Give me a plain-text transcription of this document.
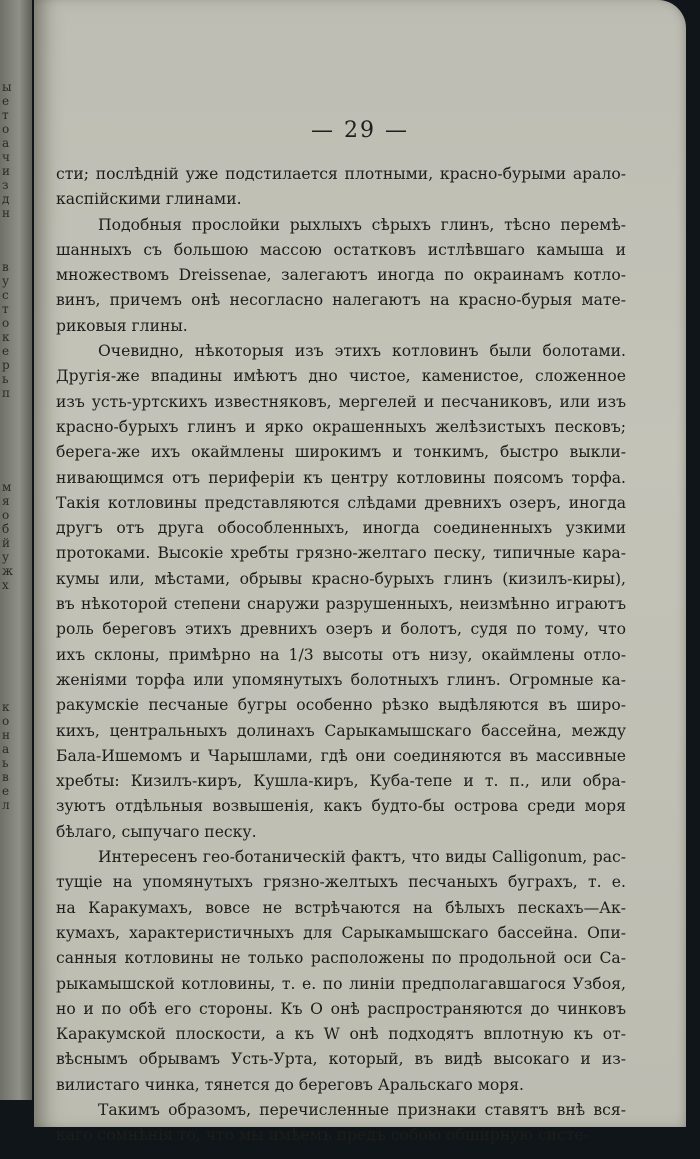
ы
е
т
о
а
ч
и
з
д
н
в
у
с
т
о
к
е
р
ь
п
м
я
о
б
й
у
ж
х
к
о
н
а
ь
в
е
л
— 29 —
сти; послѣдній уже подстилается плотными, красно-бурыми арало-
каспійскими глинами.
Подобныя прослойки рыхлыхъ сѣрыхъ глинъ, тѣсно перемѣ-
шанныхъ съ большою массою остатковъ истлѣвшаго камыша и
множествомъ Dreissenae, залегаютъ иногда по окраинамъ котло-
винъ, причемъ онѣ несогласно налегаютъ на красно-бурыя мате-
риковыя глины.
Очевидно, нѣкоторыя изъ этихъ котловинъ были болотами.
Другія-же впадины имѣютъ дно чистое, каменистое, сложенное
изъ усть-уртскихъ известняковъ, мергелей и песчаниковъ, или изъ
красно-бурыхъ глинъ и ярко окрашенныхъ желѣзистыхъ песковъ;
берега-же ихъ окаймлены широкимъ и тонкимъ, быстро выкли-
нивающимся отъ периферіи къ центру котловины поясомъ торфа.
Такія котловины представляются слѣдами древнихъ озеръ, иногда
другъ отъ друга обособленныхъ, иногда соединенныхъ узкими
протоками. Высокіе хребты грязно-желтаго песку, типичные кара-
кумы или, мѣстами, обрывы красно-бурыхъ глинъ (кизилъ-киры),
въ нѣкоторой степени снаружи разрушенныхъ, неизмѣнно играютъ
роль береговъ этихъ древнихъ озеръ и болотъ, судя по тому, что
ихъ склоны, примѣрно на 1/3 высоты отъ низу, окаймлены отло-
женіями торфа или упомянутыхъ болотныхъ глинъ. Огромные ка-
ракумскіе песчаные бугры особенно рѣзко выдѣляются въ широ-
кихъ, центральныхъ долинахъ Сарыкамышскаго бассейна, между
Бала-Ишемомъ и Чарышлами, гдѣ они соединяются въ массивные
хребты: Кизилъ-киръ, Кушла-киръ, Куба-тепе и т. п., или обра-
зуютъ отдѣльныя возвышенія, какъ будто-бы острова среди моря
бѣлаго, сыпучаго песку.
Интересенъ гео-ботаническій фактъ, что виды Calligonum, рас-
тущіе на упомянутыхъ грязно-желтыхъ песчаныхъ буграхъ, т. е.
на Каракумахъ, вовсе не встрѣчаются на бѣлыхъ пескахъ—Ак-
кумахъ, характеристичныхъ для Сарыкамышскаго бассейна. Опи-
санныя котловины не только расположены по продольной оси Са-
рыкамышской котловины, т. е. по линіи предполагавшагося Узбоя,
но и по обѣ его стороны. Къ О онѣ распространяются до чинковъ
Каракумской плоскости, а къ W онѣ подходятъ вплотную къ от-
вѣснымъ обрывамъ Усть-Урта, который, въ видѣ высокаго и из-
вилистаго чинка, тянется до береговъ Аральскаго моря.
Такимъ образомъ, перечисленные признаки ставятъ внѣ вся-
каго сомнѣнія то, что мы имѣемъ предъ собою обширную систе-
